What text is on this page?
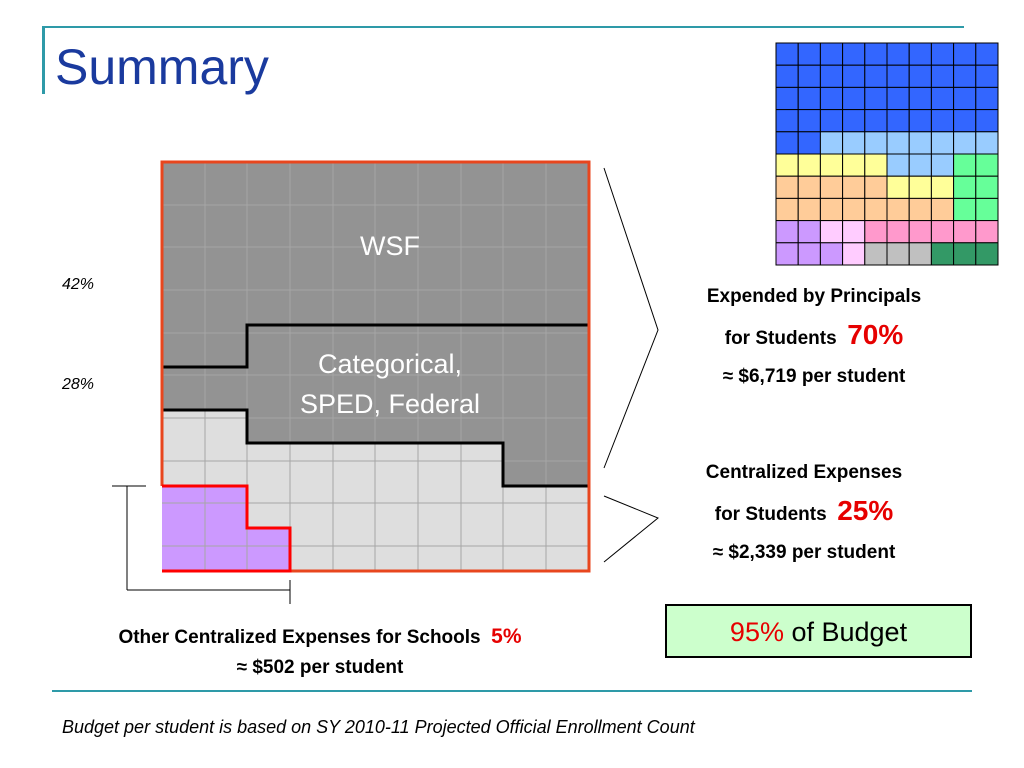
Summary
WSF
Categorical,
SPED, Federal
42%
28%
Expended by Principals
for Students 70%
≈ $6,719 per student
Centralized Expenses
for Students 25%
≈ $2,339 per student
95% of Budget
Other Centralized Expenses for Schools 5%
≈ $502 per student
Budget per student is based on SY 2010-11 Projected Official Enrollment Count
